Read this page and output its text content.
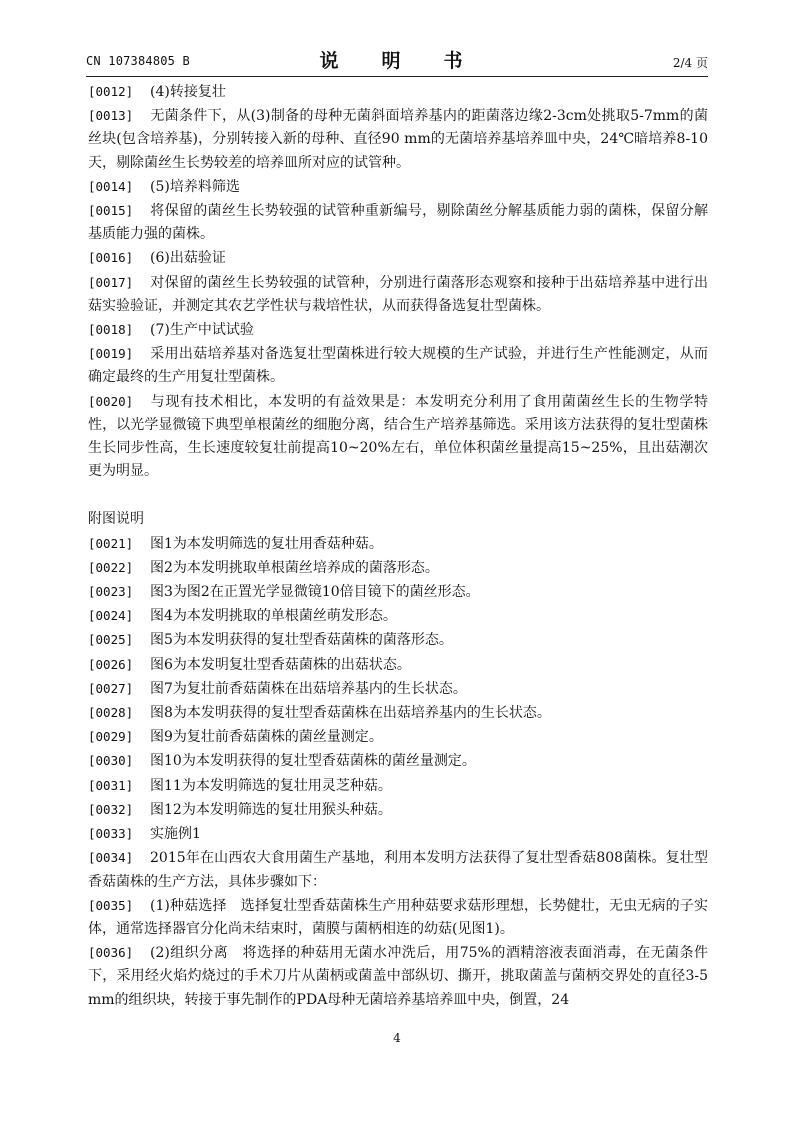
CN 107384805 B	说　明　书	2/4 页
[0012] (4)转接复壮
[0013] 无菌条件下，从(3)制备的母种无菌斜面培养基内的距菌落边缘2-3cm处挑取5-7mm的菌丝块(包含培养基)，分别转接入新的母种、直径90 mm的无菌培养基培养皿中央，24℃暗培养8-10天，剔除菌丝生长势较差的培养皿所对应的试管种。
[0014] (5)培养料筛选
[0015] 将保留的菌丝生长势较强的试管种重新编号，剔除菌丝分解基质能力弱的菌株，保留分解基质能力强的菌株。
[0016] (6)出菇验证
[0017] 对保留的菌丝生长势较强的试管种，分别进行菌落形态观察和接种于出菇培养基中进行出菇实验验证，并测定其农艺学性状与栽培性状，从而获得备选复壮型菌株。
[0018] (7)生产中试试验
[0019] 采用出菇培养基对备选复壮型菌株进行较大规模的生产试验，并进行生产性能测定，从而确定最终的生产用复壮型菌株。
[0020] 与现有技术相比，本发明的有益效果是：本发明充分利用了食用菌菌丝生长的生物学特性，以光学显微镜下典型单根菌丝的细胞分离，结合生产培养基筛选。采用该方法获得的复壮型菌株生长同步性高，生长速度较复壮前提高10~20%左右，单位体积菌丝量提高15~25%，且出菇潮次更为明显。
附图说明
[0021] 图1为本发明筛选的复壮用香菇种菇。
[0022] 图2为本发明挑取单根菌丝培养成的菌落形态。
[0023] 图3为图2在正置光学显微镜10倍目镜下的菌丝形态。
[0024] 图4为本发明挑取的单根菌丝萌发形态。
[0025] 图5为本发明获得的复壮型香菇菌株的菌落形态。
[0026] 图6为本发明复壮型香菇菌株的出菇状态。
[0027] 图7为复壮前香菇菌株在出菇培养基内的生长状态。
[0028] 图8为本发明获得的复壮型香菇菌株在出菇培养基内的生长状态。
[0029] 图9为复壮前香菇菌株的菌丝量测定。
[0030] 图10为本发明获得的复壮型香菇菌株的菌丝量测定。
[0031] 图11为本发明筛选的复壮用灵芝种菇。
[0032] 图12为本发明筛选的复壮用猴头种菇。
[0033] 实施例1
[0034] 2015年在山西农大食用菌生产基地，利用本发明方法获得了复壮型香菇808菌株。复壮型香菇菌株的生产方法，具体步骤如下：
[0035] (1)种菇选择　选择复壮型香菇菌株生产用种菇要求菇形理想，长势健壮，无虫无病的子实体，通常选择器官分化尚未结束时，菌膜与菌柄相连的幼菇(见图1)。
[0036] (2)组织分离　将选择的种菇用无菌水冲洗后，用75%的酒精溶液表面消毒，在无菌条件下，采用经火焰灼烧过的手术刀片从菌柄或菌盖中部纵切、撕开，挑取菌盖与菌柄交界处的直径3-5 mm的组织块，转接于事先制作的PDA母种无菌培养基培养皿中央，倒置，24
4
